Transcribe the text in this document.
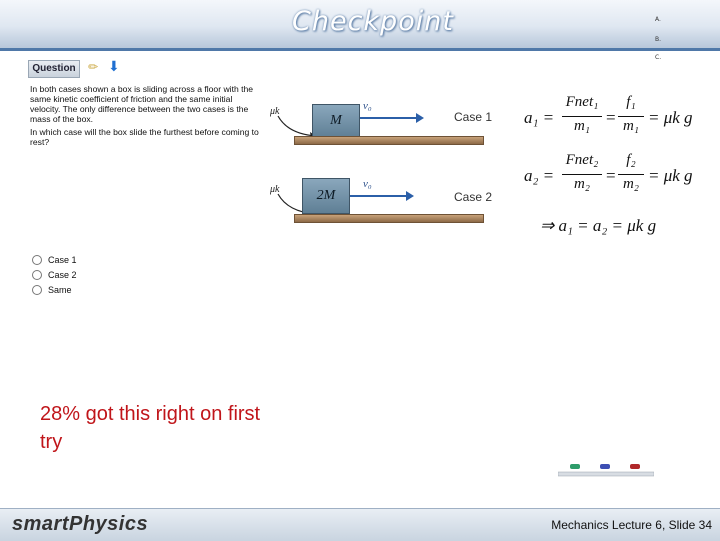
Checkpoint	A.
B.
C.
Question	✏ ⬇

In both cases shown a box is sliding across a floor with the same kinetic coefficient of friction and the same initial velocity. The only difference between the two cases is the mass of the box.

In which case will the box slide the furthest before coming to rest?

Case 1
Case 2
Same
μk
M
v₀
Case 1
μk	2M
v₀
Case 2
a₁ =
Fnet₁
m₁ =
f₁
m₁ = μk g
a₂ =
Fnet₂
m₂ =
f₂
m₂ = μk g
⇒ a₁ = a₂ = μk g
28% got this right on first try
smartPhysics	Mechanics Lecture 6, Slide 34
